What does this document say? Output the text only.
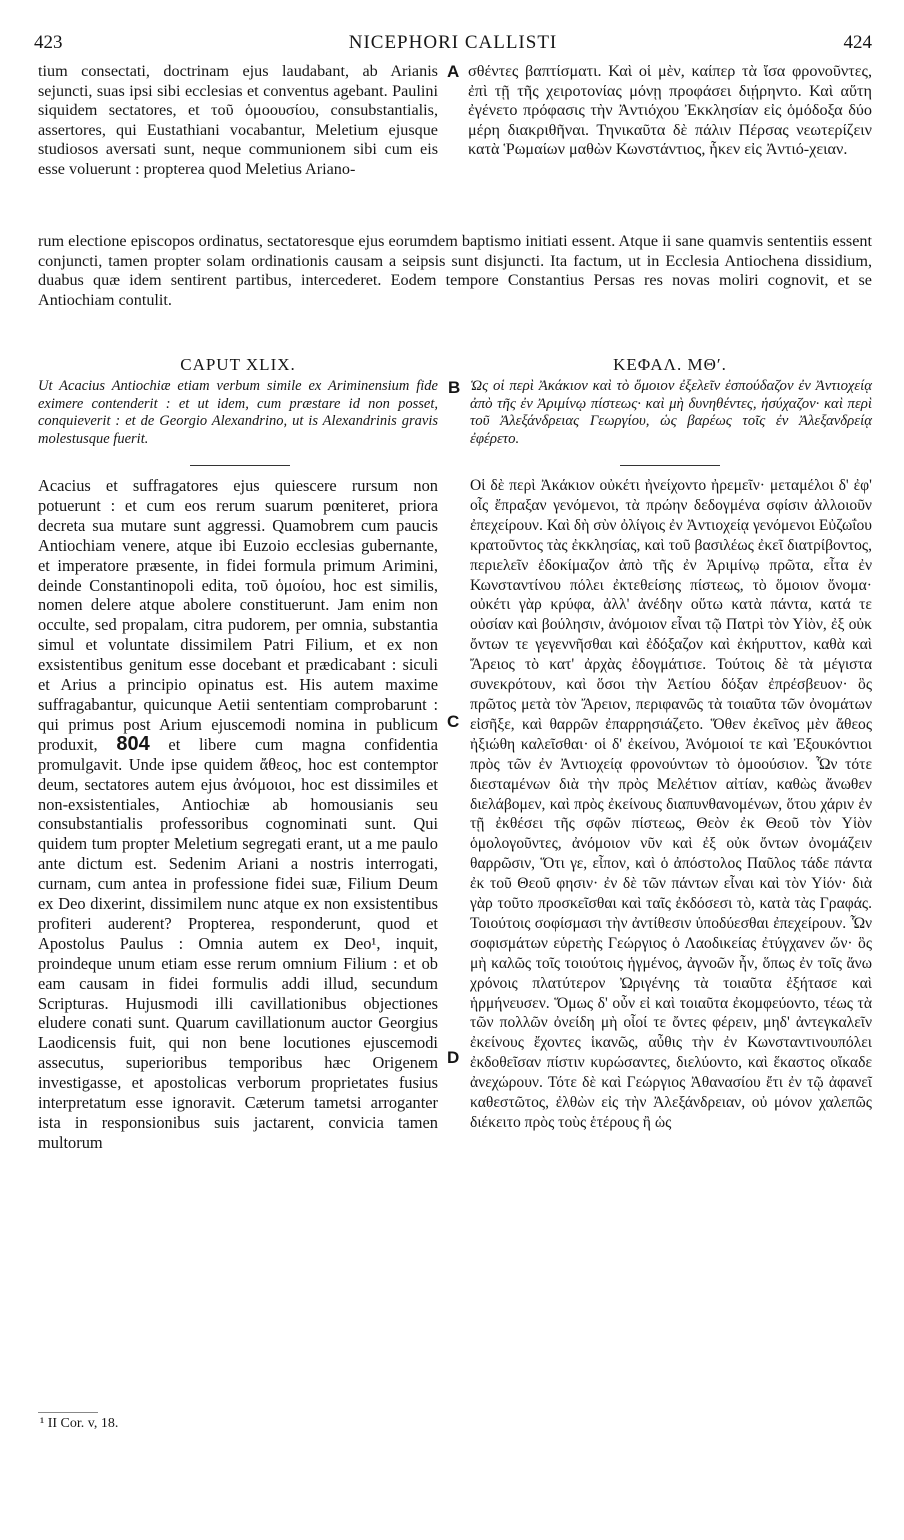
423	NICEPHORI CALLISTI	424
A
B
C
D
tium consectati, doctrinam ejus laudabant, ab Arianis sejuncti, suas ipsi sibi ecclesias et conventus agebant. Paulini siquidem sectatores, et τοῦ ὁμοουσίου, consubstantialis, assertores, qui Eustathiani vocabantur, Meletium ejusque studiosos aversati sunt, neque communionem sibi cum eis esse voluerunt : propterea quod Meletius Ariano-
σθέντες βαπτίσματι. Καὶ οἱ μὲν, καίπερ τὰ ἴσα φρονοῦντες, ἐπὶ τῇ τῆς χειροτονίας μόνῃ προφάσει διῄρηντο. Καὶ αὕτη ἐγένετο πρόφασις τὴν Ἀντιόχου Ἐκκλησίαν εἰς ὁμόδοξα δύο μέρη διακριθῆναι. Τηνικαῦτα δὲ πάλιν Πέρσας νεωτερίζειν κατὰ Ῥωμαίων μαθὼν Κωνστάντιος, ἧκεν εἰς Ἀντιό-χειαν.
rum electione episcopos ordinatus, sectatoresque ejus eorumdem baptismo initiati essent. Atque ii sane quamvis sententiis essent conjuncti, tamen propter solam ordinationis causam a seipsis sunt disjuncti. Ita factum, ut in Ecclesia Antiochena dissidium, duabus quæ idem sentirent partibus, intercederet. Eodem tempore Constantius Persas res novas moliri cognovit, et se Antiochiam contulit.
CAPUT XLIX.	ΚΕΦΑΛ. ΜΘʹ.
Ut Acacius Antiochiæ etiam verbum simile ex Ariminensium fide eximere contenderit : et ut idem, cum præstare id non posset, conquieverit : et de Georgio Alexandrino, ut is Alexandrinis gravis molestusque fuerit.
Ὡς οἱ περὶ Ἀκάκιον καὶ τὸ ὅμοιον ἐξελεῖν ἐσπούδαζον ἐν Ἀντιοχείᾳ ἀπὸ τῆς ἐν Ἀριμίνῳ πίστεως· καὶ μὴ δυνηθέντες, ἡσύχαζον· καὶ περὶ τοῦ Ἀλεξάνδρειας Γεωργίου, ὡς βαρέως τοῖς ἐν Ἀλεξανδρείᾳ ἐφέρετο.
Acacius et suffragatores ejus quiescere rursum non potuerunt : et cum eos rerum suarum pœniteret, priora decreta sua mutare sunt aggressi. Quamobrem cum paucis Antiochiam venere, atque ibi Euzoio ecclesias gubernante, et imperatore præsente, in fidei formula primum Arimini, deinde Constantinopoli edita, τοῦ ὁμοίου, hoc est similis, nomen delere atque abolere constituerunt. Jam enim non occulte, sed propalam, citra pudorem, per omnia, substantia simul et voluntate dissimilem Patri Filium, et ex non exsistentibus genitum esse docebant et prædicabant : siculi et Arius a principio opinatus est. His autem maxime suffragabantur, quicunque Aetii sententiam comprobarunt : qui primus post Arium ejuscemodi nomina in publicum produxit, 804 et libere cum magna confidentia promulgavit. Unde ipse quidem ἄθεος, hoc est contemptor deum, sectatores autem ejus ἀνόμοιοι, hoc est dissimiles et non-exsistentiales, Antiochiæ ab homousianis seu consubstantialis professoribus cognominati sunt. Qui quidem tum propter Meletium segregati erant, ut a me paulo ante dictum est. Sedenim Ariani a nostris interrogati, curnam, cum antea in professione fidei suæ, Filium Deum ex Deo dixerint, dissimilem nunc atque ex non exsistentibus profiteri auderent? Propterea, responderunt, quod et Apostolus Paulus : Omnia autem ex Deo¹, inquit, proindeque unum etiam esse rerum omnium Filium : et ob eam causam in fidei formulis addi illud, secundum Scripturas. Hujusmodi illi cavillationibus objectiones eludere conati sunt. Quarum cavillationum auctor Georgius Laodicensis fuit, qui non bene locutiones ejuscemodi assecutus, superioribus temporibus hæc Origenem investigasse, et apostolicas verborum proprietates fusius interpretatum esse ignoravit. Cæterum tametsi arroganter ista in responsionibus suis jactarent, convicia tamen multorum
Οἱ δὲ περὶ Ἀκάκιον οὐκέτι ἠνείχοντο ἠρεμεῖν· μεταμέλοι δ' ἐφ' οἷς ἔπραξαν γενόμενοι, τὰ πρώην δεδογμένα σφίσιν ἀλλοιοῦν ἐπεχείρουν. Καὶ δὴ σὺν ὀλίγοις ἐν Ἀντιοχείᾳ γενόμενοι Εὐζωΐου κρατοῦντος τὰς ἐκκλησίας, καὶ τοῦ βασιλέως ἐκεῖ διατρίβοντος, περιελεῖν ἐδοκίμαζον ἀπὸ τῆς ἐν Ἀριμίνῳ πρῶτα, εἶτα ἐν Κωνσταντίνου πόλει ἐκτεθείσης πίστεως, τὸ ὅμοιον ὄνομα· οὐκέτι γὰρ κρύφα, ἀλλ' ἀνέδην οὕτω κατὰ πάντα, κατά τε οὐσίαν καὶ βούλησιν, ἀνόμοιον εἶναι τῷ Πατρὶ τὸν Υἱὸν, ἐξ οὐκ ὄντων τε γεγεννῆσθαι καὶ ἐδόξαζον καὶ ἐκήρυττον, καθὰ καὶ Ἄρειος τὸ κατ' ἀρχὰς ἐδογμάτισε. Τούτοις δὲ τὰ μέγιστα συνεκρότουν, καὶ ὅσοι τὴν Ἀετίου δόξαν ἐπρέσβευον· ὃς πρῶτος μετὰ τὸν Ἄρειον, περιφανῶς τὰ τοιαῦτα τῶν ὀνομάτων εἰσῆξε, καὶ θαρρῶν ἐπαρρησιάζετο. Ὅθεν ἐκεῖνος μὲν ἄθεος ἠξιώθη καλεῖσθαι· οἱ δ' ἐκείνου, Ἀνόμοιοί τε καὶ Ἐξουκόντιοι πρὸς τῶν ἐν Ἀντιοχείᾳ φρονούντων τὸ ὁμοούσιον. Ὧν τότε διεσταμένων διὰ τὴν πρὸς Μελέτιον αἰτίαν, καθὼς ἄνωθεν διελάβομεν, καὶ πρὸς ἐκείνους διαπυνθανομένων, ὅτου χάριν ἐν τῇ ἐκθέσει τῆς σφῶν πίστεως, Θεὸν ἐκ Θεοῦ τὸν Υἱὸν ὁμολογοῦντες, ἀνόμοιον νῦν καὶ ἐξ οὐκ ὄντων ὀνομάζειν θαρρῶσιν, Ὅτι γε, εἶπον, καὶ ὁ ἀπόστολος Παῦλος τάδε πάντα ἐκ τοῦ Θεοῦ φησιν· ἐν δὲ τῶν πάντων εἶναι καὶ τὸν Υἱόν· διὰ γὰρ τοῦτο προσκεῖσθαι καὶ ταῖς ἐκδόσεσι τὸ, κατὰ τὰς Γραφάς. Τοιούτοις σοφίσμασι τὴν ἀντίθεσιν ὑποδύεσθαι ἐπεχείρουν. Ὧν σοφισμάτων εὑρετὴς Γεώργιος ὁ Λαοδικείας ἐτύγχανεν ὤν· ὃς μὴ καλῶς τοῖς τοιούτοις ἡγμένος, ἀγνοῶν ἦν, ὅπως ἐν τοῖς ἄνω χρόνοις πλατύτερον Ὠριγένης τὰ τοιαῦτα ἐξήτασε καὶ ἡρμήνευσεν. Ὅμως δ' οὖν εἰ καὶ τοιαῦτα ἐκομφεύοντο, τέως τὰ τῶν πολλῶν ὀνείδη μὴ οἷοί τε ὄντες φέρειν, μηδ' ἀντεγκαλεῖν ἐκείνους ἔχοντες ἱκανῶς, αὖθις τὴν ἐν Κωνσταντινουπόλει ἐκδοθεῖσαν πίστιν κυρώσαντες, διελύοντο, καὶ ἕκαστος οἴκαδε ἀνεχώρουν. Τότε δὲ καὶ Γεώργιος Ἀθανασίου ἔτι ἐν τῷ ἀφανεῖ καθεστῶτος, ἐλθὼν εἰς τὴν Ἀλεξάνδρειαν, οὐ μόνον χαλεπῶς διέκειτο πρὸς τοὺς ἑτέρους ἢ ὡς
¹ II Cor. v, 18.
